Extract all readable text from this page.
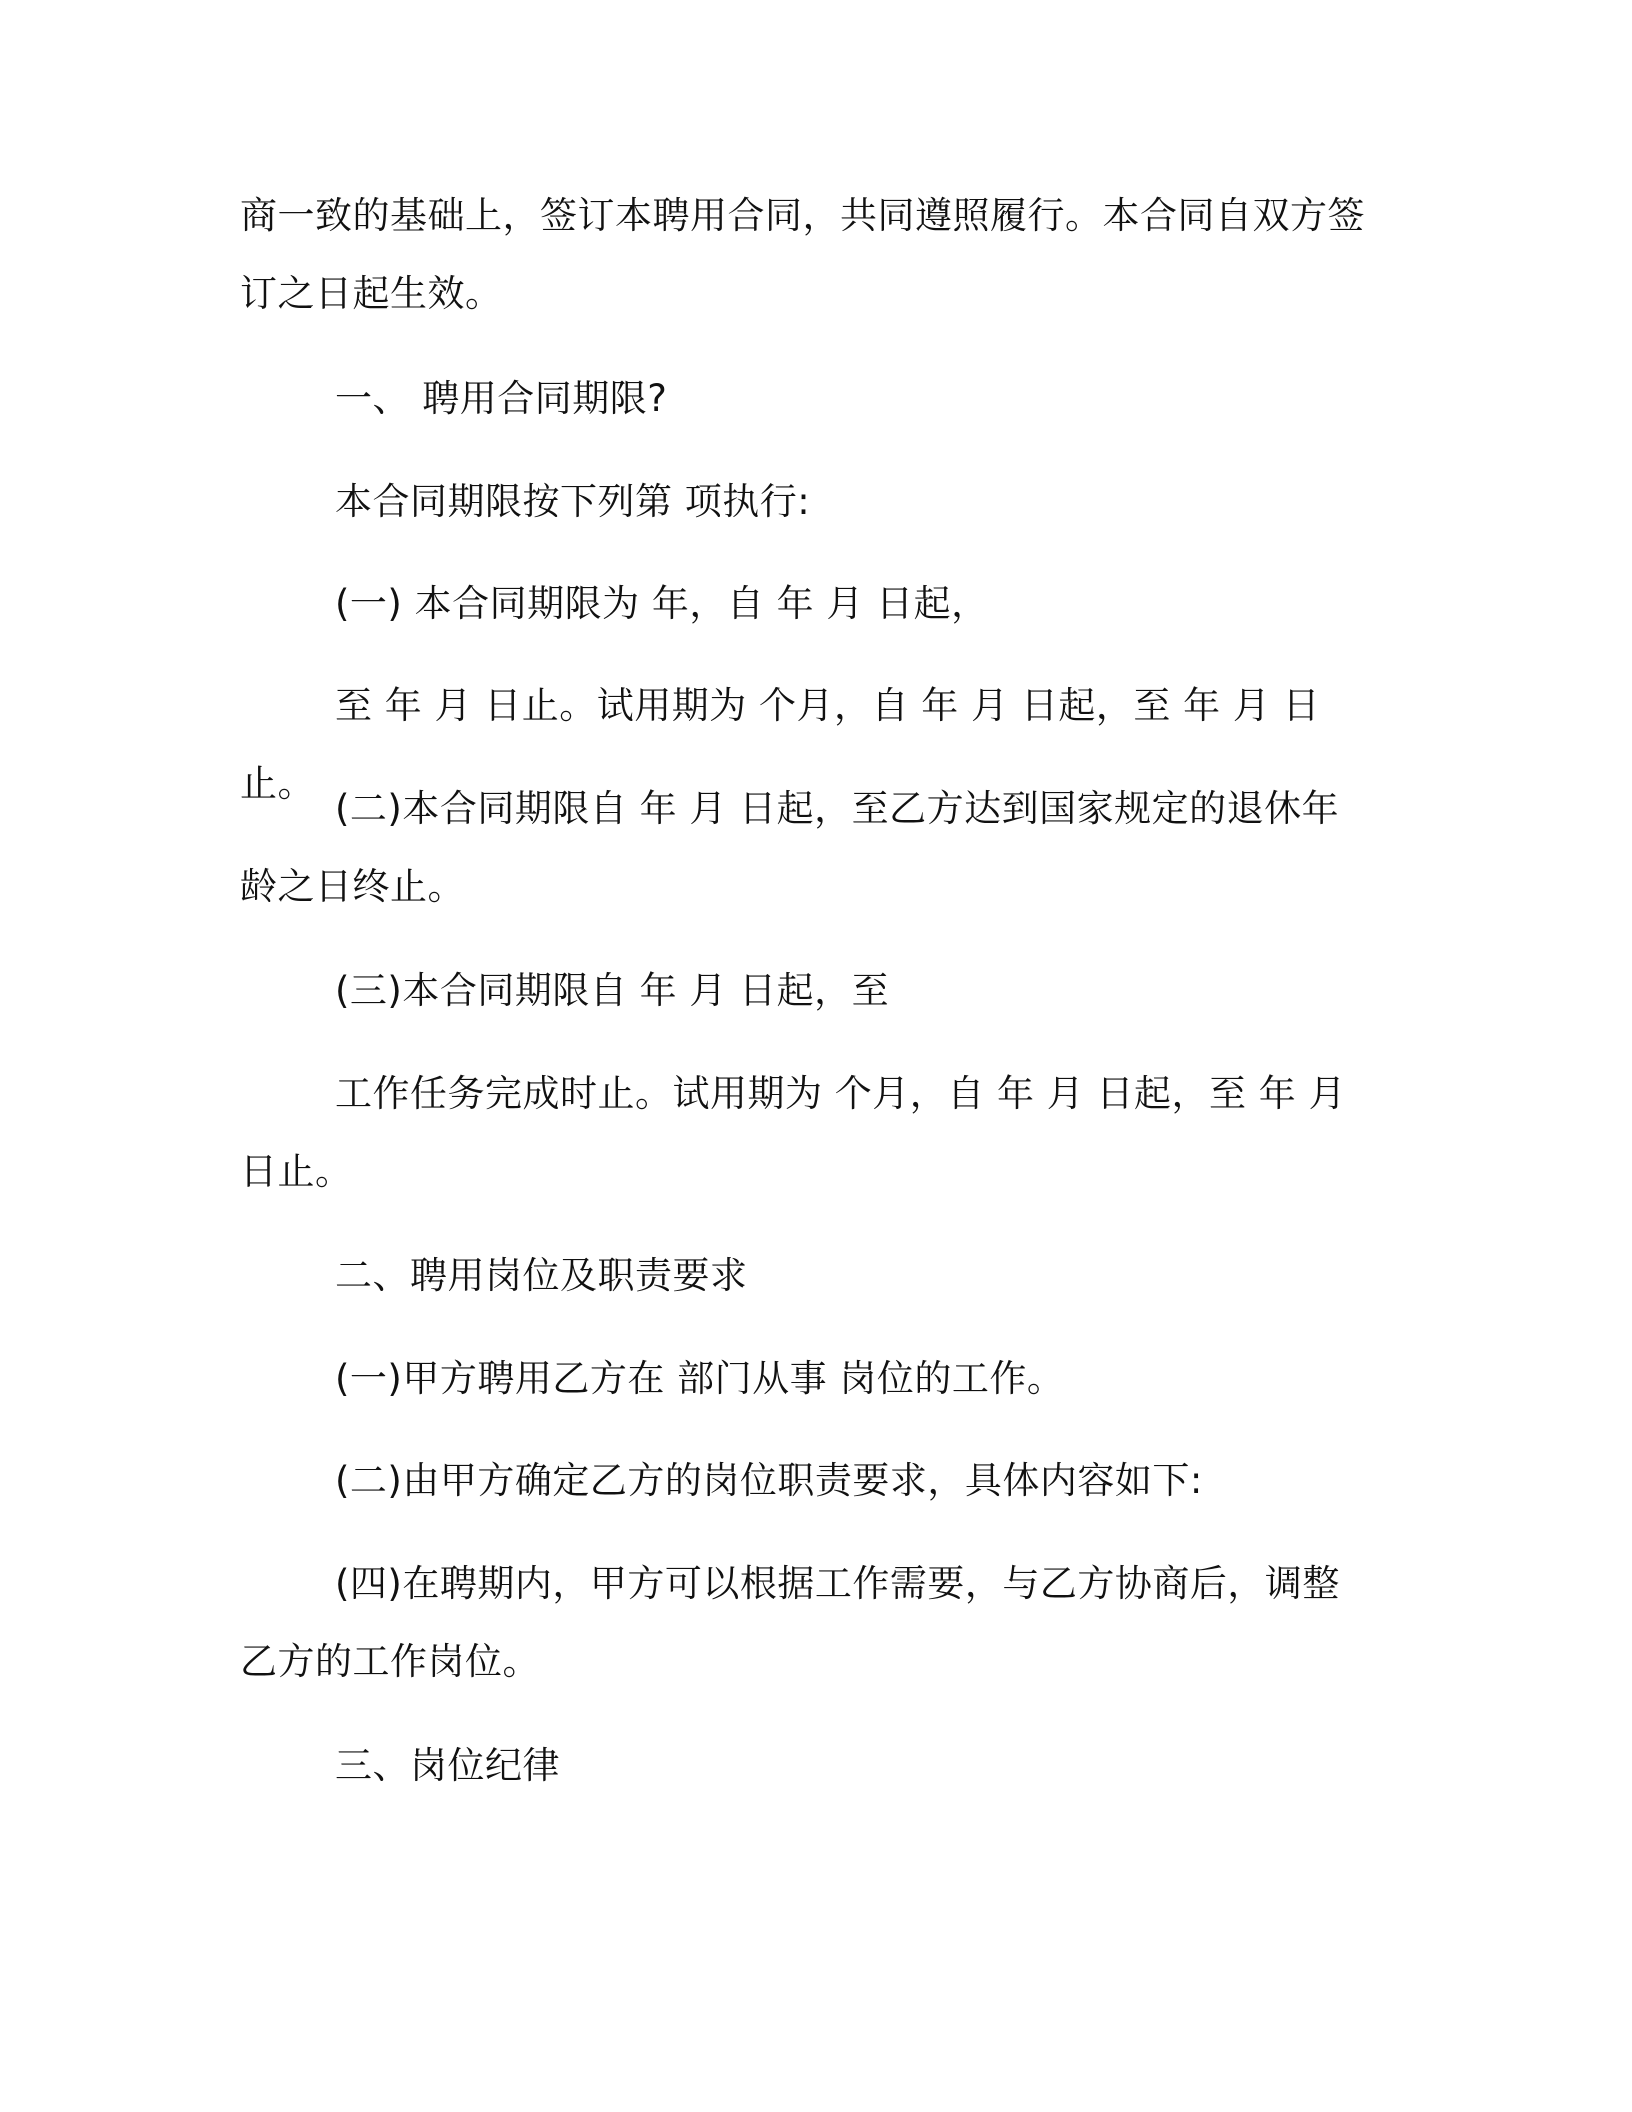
商一致的基础上，签订本聘用合同，共同遵照履行。本合同自双方签订之日起生效。

一、 聘用合同期限?

本合同期限按下列第 项执行:

(一) 本合同期限为 年，自 年 月 日起，

至 年 月 日止。试用期为 个月，自 年 月 日起，至 年 月 日止。

(二)本合同期限自 年 月 日起，至乙方达到国家规定的退休年龄之日终止。

(三)本合同期限自 年 月 日起，至

工作任务完成时止。试用期为 个月，自 年 月 日起，至 年 月 日止。

二、聘用岗位及职责要求

(一)甲方聘用乙方在 部门从事 岗位的工作。

(二)由甲方确定乙方的岗位职责要求，具体内容如下:

(四)在聘期内，甲方可以根据工作需要，与乙方协商后，调整乙方的工作岗位。

三、岗位纪律
